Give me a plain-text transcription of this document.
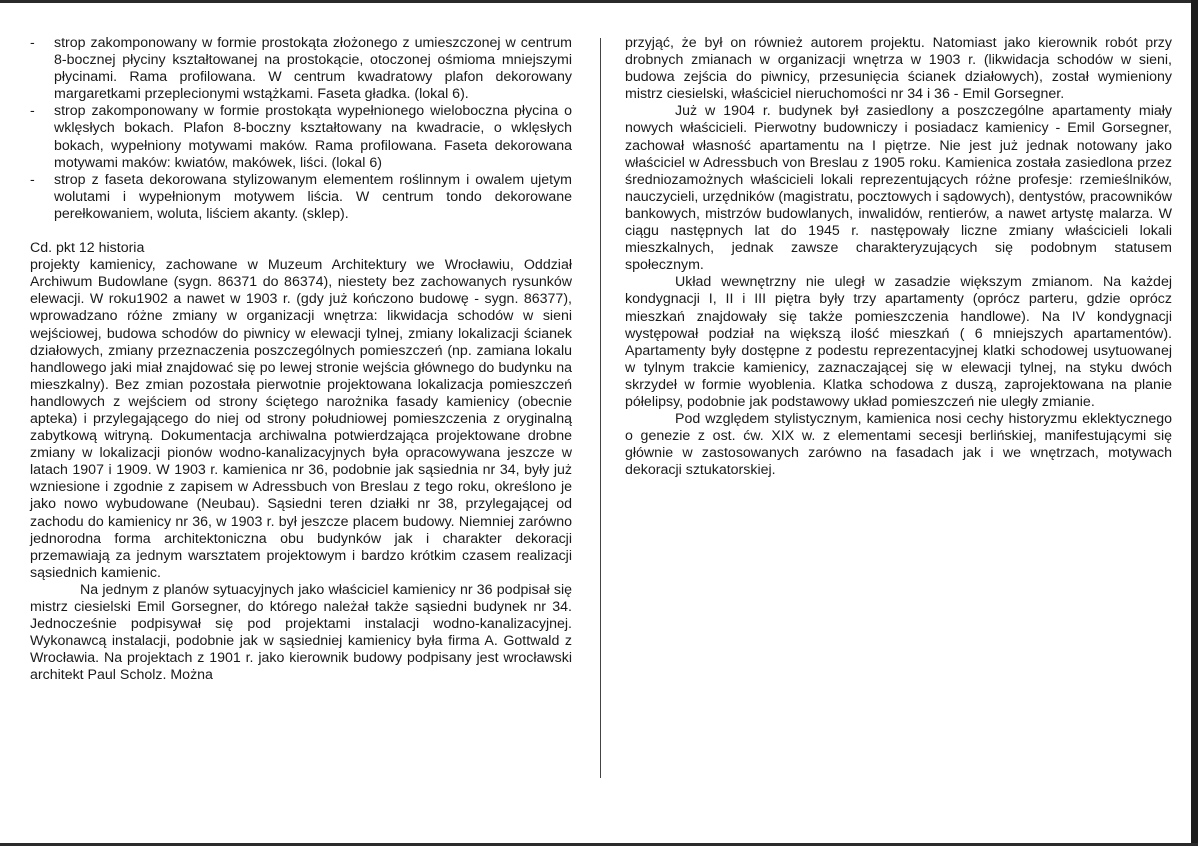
- strop zakomponowany w formie prostokąta złożonego z umieszczonej w centrum 8-bocznej płyciny kształtowanej na prostokącie, otoczonej ośmioma mniejszymi płycinami. Rama profilowana. W centrum kwadratowy plafon dekorowany margaretkami przeplecionymi wstążkami. Faseta gładka. (lokal 6).
- strop zakomponowany w formie prostokąta wypełnionego wieloboczna płycina o wklęsłych bokach. Plafon 8-boczny kształtowany na kwadracie, o wklęsłych bokach, wypełniony motywami maków. Rama profilowana. Faseta dekorowana motywami maków: kwiatów, makówek, liści. (lokal 6)
- strop z faseta dekorowana stylizowanym elementem roślinnym i owalem ujetym wolutami i wypełnionym motywem liścia. W centrum tondo dekorowane perełkowaniem, woluta, liściem akanty. (sklep).

Cd. pkt 12 historia

projekty kamienicy, zachowane w Muzeum Architektury we Wrocławiu, Oddział Archiwum Budowlane (sygn. 86371 do 86374), niestety bez zachowanych rysunków elewacji. W roku1902 a nawet w 1903 r. (gdy już kończono budowę - sygn. 86377), wprowadzano różne zmiany w organizacji wnętrza: likwidacja schodów w sieni wejściowej, budowa schodów do piwnicy w elewacji tylnej, zmiany lokalizacji ścianek działowych, zmiany przeznaczenia poszczególnych pomieszczeń (np. zamiana lokalu handlowego jaki miał znajdować się po lewej stronie wejścia głównego do budynku na mieszkalny). Bez zmian pozostała pierwotnie projektowana lokalizacja pomieszczeń handlowych z wejściem od strony ściętego narożnika fasady kamienicy (obecnie apteka) i przylegającego do niej od strony południowej pomieszczenia z oryginalną zabytkową witryną. Dokumentacja archiwalna potwierdzająca projektowane drobne zmiany w lokalizacji pionów wodno-kanalizacyjnych była opracowywana jeszcze w latach 1907 i 1909. W 1903 r. kamienica nr 36, podobnie jak sąsiednia nr 34, były już wzniesione i zgodnie z zapisem w Adressbuch von Breslau z tego roku, określono je jako nowo wybudowane (Neubau). Sąsiedni teren działki nr 38, przylegającej od zachodu do kamienicy nr 36, w 1903 r. był jeszcze placem budowy. Niemniej zarówno jednorodna forma architektoniczna obu budynków jak i charakter dekoracji przemawiają za jednym warsztatem projektowym i bardzo krótkim czasem realizacji sąsiednich kamienic.

Na jednym z planów sytuacyjnych jako właściciel kamienicy nr 36 podpisał się mistrz ciesielski Emil Gorsegner, do którego należał także sąsiedni budynek nr 34. Jednocześnie podpisywał się pod projektami instalacji wodno-kanalizacyjnej. Wykonawcą instalacji, podobnie jak w sąsiedniej kamienicy była firma A. Gottwald z Wrocławia. Na projektach z 1901 r. jako kierownik budowy podpisany jest wrocławski architekt Paul Scholz. Można

przyjąć, że był on również autorem projektu. Natomiast jako kierownik robót przy drobnych zmianach w organizacji wnętrza w 1903 r. (likwidacja schodów w sieni, budowa zejścia do piwnicy, przesunięcia ścianek działowych), został wymieniony mistrz ciesielski, właściciel nieruchomości nr 34 i 36 - Emil Gorsegner.

Już w 1904 r. budynek był zasiedlony a poszczególne apartamenty miały nowych właścicieli. Pierwotny budowniczy i posiadacz kamienicy - Emil Gorsegner, zachował własność apartamentu na I piętrze. Nie jest już jednak notowany jako właściciel w Adressbuch von Breslau z 1905 roku. Kamienica została zasiedlona przez średniozamożnych właścicieli lokali reprezentujących różne profesje: rzemieślników, nauczycieli, urzędników (magistratu, pocztowych i sądowych), dentystów, pracowników bankowych, mistrzów budowlanych, inwalidów, rentierów, a nawet artystę malarza. W ciągu następnych lat do 1945 r. następowały liczne zmiany właścicieli lokali mieszkalnych, jednak zawsze charakteryzujących się podobnym statusem społecznym.

Układ wewnętrzny nie uległ w zasadzie większym zmianom. Na każdej kondygnacji I, II i III piętra były trzy apartamenty (oprócz parteru, gdzie oprócz mieszkań znajdowały się także pomieszczenia handlowe). Na IV kondygnacji występował podział na większą ilość mieszkań ( 6 mniejszych apartamentów). Apartamenty były dostępne z podestu reprezentacyjnej klatki schodowej usytuowanej w tylnym trakcie kamienicy, zaznaczającej się w elewacji tylnej, na styku dwóch skrzydeł w formie wyoblenia. Klatka schodowa z duszą, zaprojektowana na planie półelipsy, podobnie jak podstawowy układ pomieszczeń nie uległy zmianie.

Pod względem stylistycznym, kamienica nosi cechy historyzmu eklektycznego o genezie z ost. ćw. XIX w. z elementami secesji berlińskiej, manifestującymi się głównie w zastosowanych zarówno na fasadach jak i we wnętrzach, motywach dekoracji sztukatorskiej.
